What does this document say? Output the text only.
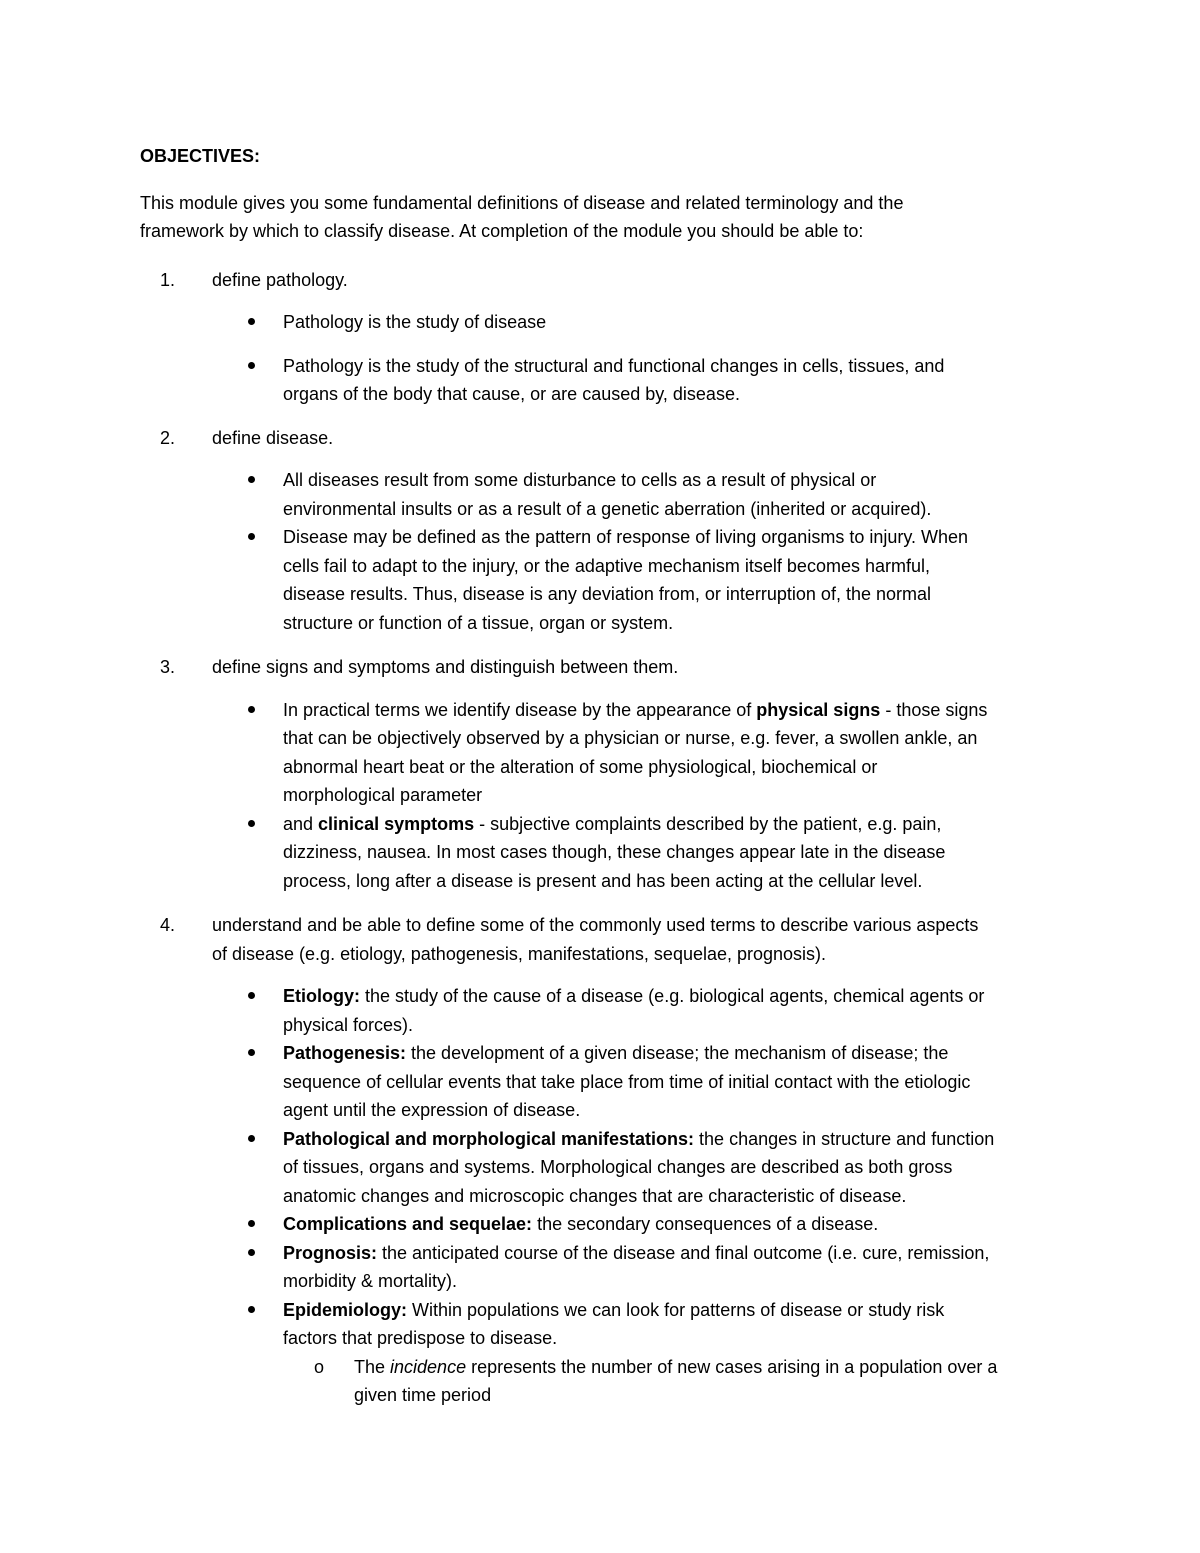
OBJECTIVES:

This module gives you some fundamental definitions of disease and related terminology and the

framework by which to classify disease. At completion of the module you should be able to:

1. define pathology.

Pathology is the study of disease

Pathology is the study of the structural and functional changes in cells, tissues, and

organs of the body that cause, or are caused by, disease.

2. define disease.

All diseases result from some disturbance to cells as a result of physical or

environmental insults or as a result of a genetic aberration (inherited or acquired).

Disease may be defined as the pattern of response of living organisms to injury. When

cells fail to adapt to the injury, or the adaptive mechanism itself becomes harmful,

disease results. Thus, disease is any deviation from, or interruption of, the normal

structure or function of a tissue, organ or system.

3. define signs and symptoms and distinguish between them.

In practical terms we identify disease by the appearance of physical signs - those signs

that can be objectively observed by a physician or nurse, e.g. fever, a swollen ankle, an

abnormal heart beat or the alteration of some physiological, biochemical or

morphological parameter

and clinical symptoms - subjective complaints described by the patient, e.g. pain,

dizziness, nausea. In most cases though, these changes appear late in the disease

process, long after a disease is present and has been acting at the cellular level.

4. understand and be able to define some of the commonly used terms to describe various aspects

of disease (e.g. etiology, pathogenesis, manifestations, sequelae, prognosis).

Etiology: the study of the cause of a disease (e.g. biological agents, chemical agents or

physical forces).

Pathogenesis: the development of a given disease; the mechanism of disease; the

sequence of cellular events that take place from time of initial contact with the etiologic

agent until the expression of disease.

Pathological and morphological manifestations: the changes in structure and function

of tissues, organs and systems. Morphological changes are described as both gross

anatomic changes and microscopic changes that are characteristic of disease.

Complications and sequelae: the secondary consequences of a disease.

Prognosis: the anticipated course of the disease and final outcome (i.e. cure, remission,

morbidity & mortality).

Epidemiology: Within populations we can look for patterns of disease or study risk

factors that predispose to disease.

o The incidence represents the number of new cases arising in a population over a

given time period
